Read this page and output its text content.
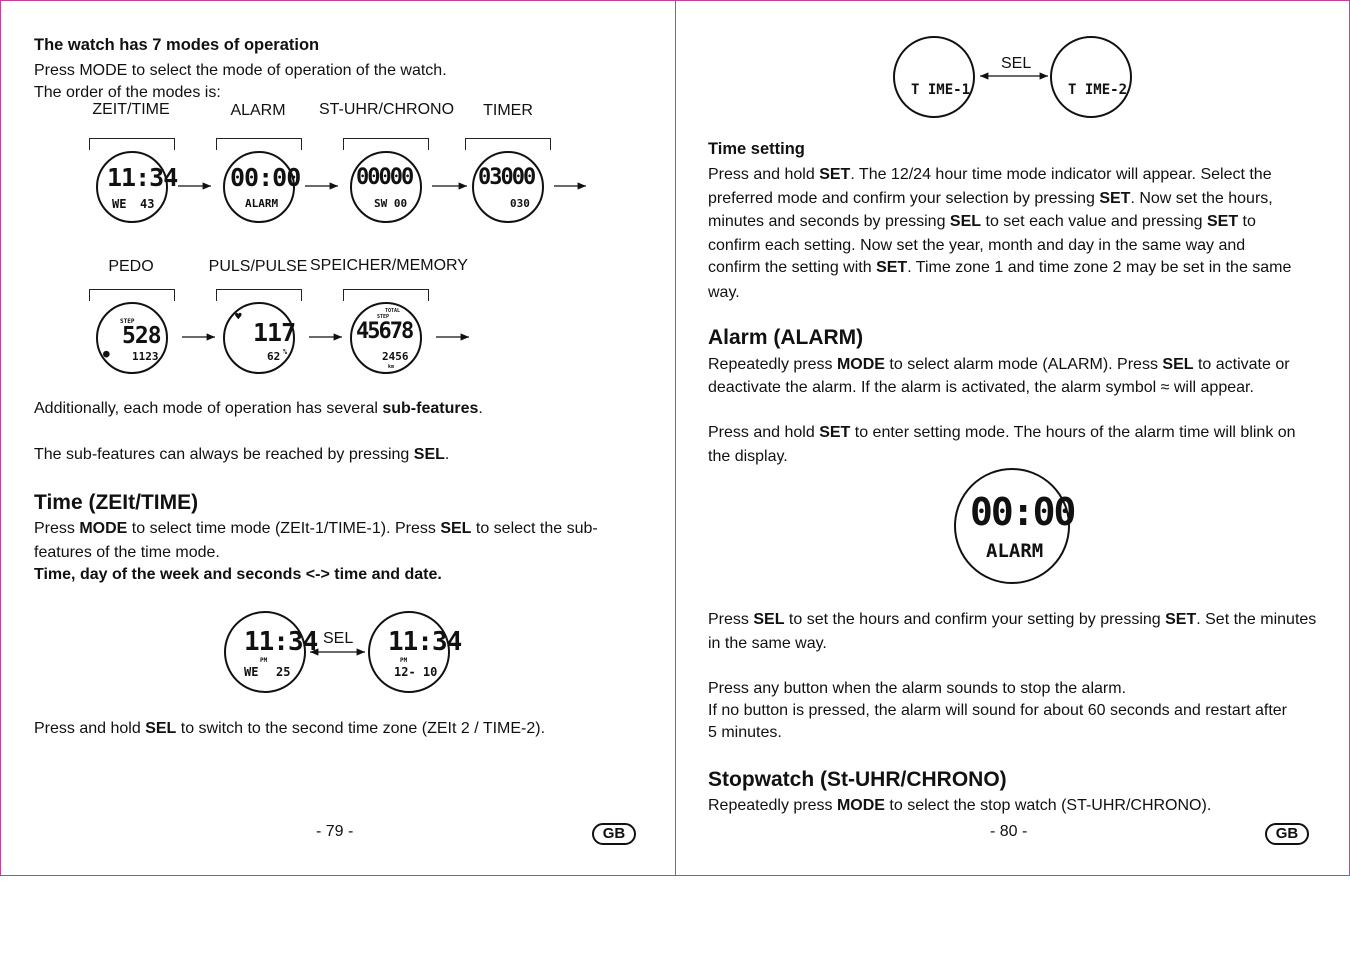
The watch has 7 modes of operation
Press MODE to select the mode of operation of the watch.
The order of the modes is:
ZEIT/TIME	ALARM	ST-UHR/CHRONO	TIMER
11:34
WE 43
00:00
ALARM
00000
SW 00
03000
030
PEDO	PULS/PULSE SPEICHER/MEMORY
STEP
528
1123
●
♥
117
62 %
TOTAL
STEP
45678
2456
km
Additionally, each mode of operation has several sub-features.
The sub-features can always be reached by pressing SEL.
Time (ZEIt/TIME)
Press MODE to select time mode (ZEIt-1/TIME-1). Press SEL to select the sub-
features of the time mode.
Time, day of the week and seconds <-> time and date.
11:34
PM
WE 25
SEL 11:34
PM
12- 10
Press and hold SEL to switch to the second time zone (ZEIt 2 / TIME-2).
- 79 -	GB
T IME-1
SEL
T IME-2
Time setting
Press and hold SET. The 12/24 hour time mode indicator will appear. Select the
preferred mode and confirm your selection by pressing SET. Now set the hours,
minutes and seconds by pressing SEL to set each value and pressing SET to
confirm each setting. Now set the year, month and day in the same way and
confirm the setting with SET. Time zone 1 and time zone 2 may be set in the same
way.
Alarm (ALARM)
Repeatedly press MODE to select alarm mode (ALARM). Press SEL to activate or
deactivate the alarm. If the alarm is activated, the alarm symbol ≈ will appear.
Press and hold SET to enter setting mode. The hours of the alarm time will blink on
the display.
00:00
ALARM
Press SEL to set the hours and confirm your setting by pressing SET. Set the minutes
in the same way.
Press any button when the alarm sounds to stop the alarm.
If no button is pressed, the alarm will sound for about 60 seconds and restart after
5 minutes.
Stopwatch (St-UHR/CHRONO)
Repeatedly press MODE to select the stop watch (ST-UHR/CHRONO).
- 80 -	GB
